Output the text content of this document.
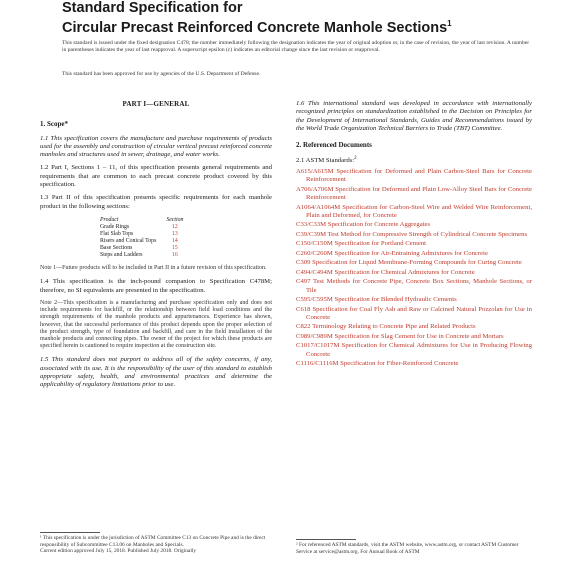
Standard Specification for
Circular Precast Reinforced Concrete Manhole Sections$^1$
This standard is issued under the fixed designation C478; the number immediately following the designation indicates the year of original adoption or, in the case of revision, the year of last revision. A number in parentheses indicates the year of last reapproval. A superscript epsilon (ε) indicates an editorial change since the last revision or reapproval.
This standard has been approved for use by agencies of the U.S. Department of Defense.
PART I—GENERAL
1. Scope*

1.1 This specification covers the manufacture and purchase requirements of products used for the assembly and construction of circular vertical precast reinforced concrete manholes and structures used in sewer, drainage, and water works.

1.2 Part I, Sections 1 – 11, of this specification presents general requirements and requirements that are common to each precast concrete product covered by this specification.

1.3 Part II of this specification presents specific requirements for each manhole product in the following sections:

Product	Section
Grade Rings	12
Flat Slab Tops	13
Risers and Conical Tops	14
Base Sections	15
Steps and Ladders	16

Note 1—Future products will to be included in Part II in a future revision of this specification.

1.4 This specification is the inch-pound companion to Specification C478M; therefore, no SI equivalents are presented in the specification.

Note 2—This specification is a manufacturing and purchase specification only and does not include requirements for backfill, or the relationship between field load conditions and the strength requirements of the manhole products and appurtenances. Experience has shown, however, that the successful performance of this product depends upon the proper selection of the product strength, type of foundation and backfill, and care in the field installation of the manhole products and connecting pipes. The owner of the project for which these products are specified herein is cautioned to require inspection at the construction site.

1.5 This standard does not purport to address all of the safety concerns, if any, associated with its use. It is the responsibility of the user of this standard to establish appropriate safety, health, and environmental practices and determine the applicability of regulatory limitations prior to use.

¹ This specification is under the jurisdiction of ASTM Committee C13 on Concrete Pipe and is the direct responsibility of Subcommittee C13.06 on Manholes and Specials.
Current edition approved July 15, 2018. Published July 2018. Originally

1.6 This international standard was developed in accordance with internationally recognized principles on standardization established in the Decision on Principles for the Development of International Standards, Guides and Recommendations issued by the World Trade Organization Technical Barriers to Trade (TBT) Committee.

2. Referenced Documents
2.1 ASTM Standards:$^2$
A615/A615M Specification for Deformed and Plain Carbon-Steel Bars for Concrete Reinforcement
A706/A706M Specification for Deformed and Plain Low-Alloy Steel Bars for Concrete Reinforcement
A1064/A1064M Specification for Carbon-Steel Wire and Welded Wire Reinforcement, Plain and Deformed, for Concrete
C33/C33M Specification for Concrete Aggregates
C39/C39M Test Method for Compressive Strength of Cylindrical Concrete Specimens
C150/C150M Specification for Portland Cement
C260/C260M Specification for Air-Entraining Admixtures for Concrete
C309 Specification for Liquid Membrane-Forming Compounds for Curing Concrete
C494/C494M Specification for Chemical Admixtures for Concrete
C497 Test Methods for Concrete Pipe, Concrete Box Sections, Manhole Sections, or Tile
C595/C595M Specification for Blended Hydraulic Cements
C618 Specification for Coal Fly Ash and Raw or Calcined Natural Pozzolan for Use in Concrete
C822 Terminology Relating to Concrete Pipe and Related Products
C989/C989M Specification for Slag Cement for Use in Concrete and Mortars
C1017/C1017M Specification for Chemical Admixtures for Use in Producing Flowing Concrete
C1116/C1116M Specification for Fiber-Reinforced Concrete
² For referenced ASTM standards, visit the ASTM website, www.astm.org, or contact ASTM Customer Service at service@astm.org. For Annual Book of ASTM
